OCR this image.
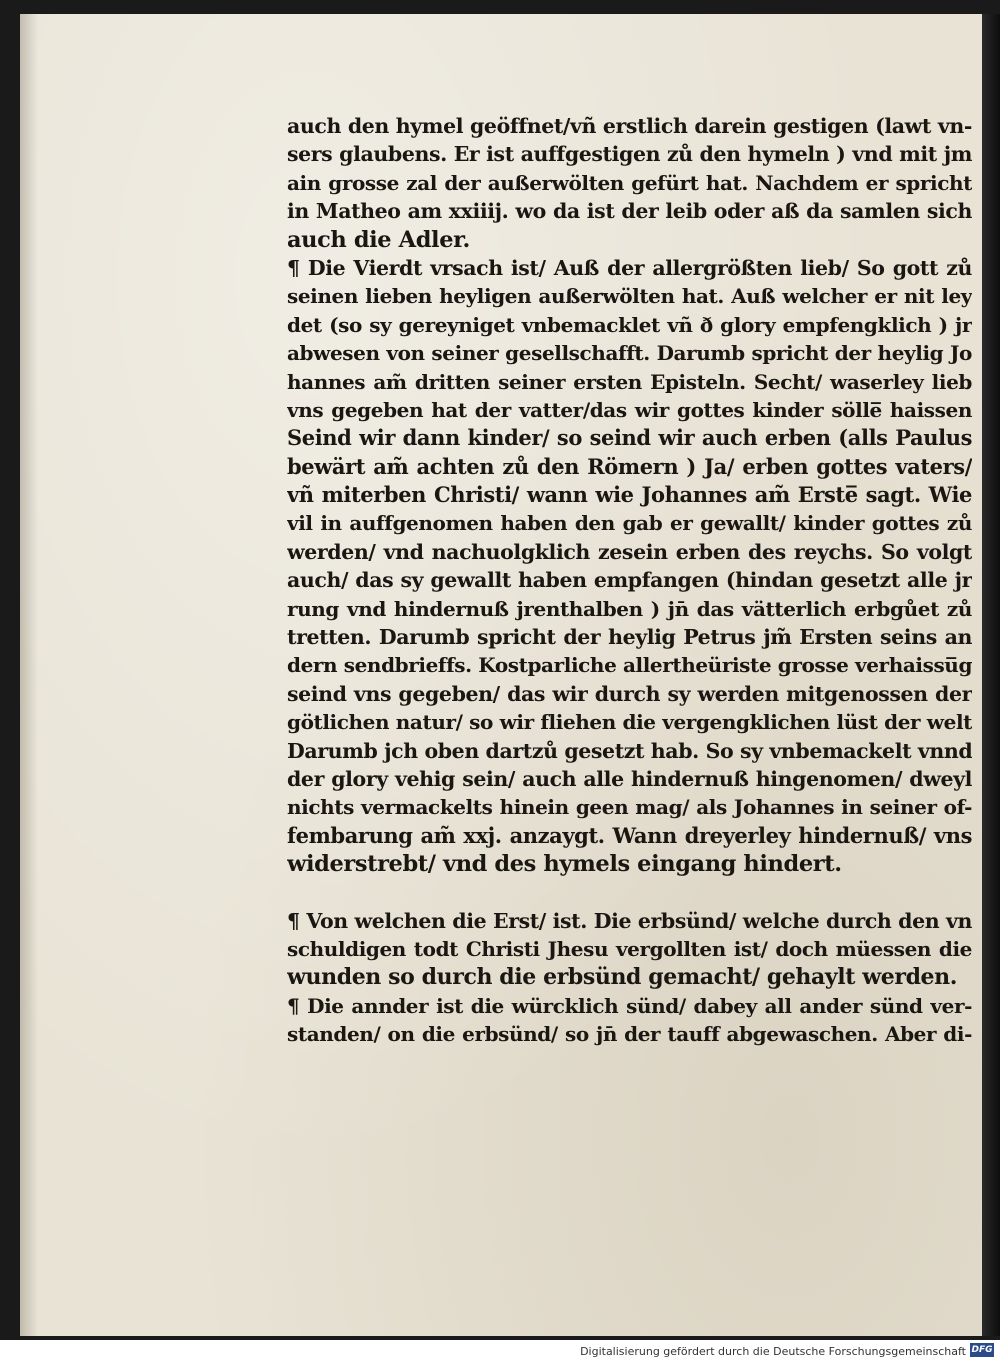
auch den hymel geöffnet/vñ erstlich darein gestigen (lawt vn-
sers glaubens. Er ist auffgestigen zů den hymeln ) vnd mit jm
ain grosse zal der außerwölten gefürt hat. Nachdem er spricht
in Matheo am xxiiij. wo da ist der leib oder aß da samlen sich
auch die Adler.
¶ Die Vierdt vrsach ist/ Auß der allergrößten lieb/ So gott zů
seinen lieben heyligen außerwölten hat. Auß welcher er nit ley
det (so sy gereyniget vnbemacklet vñ ð glory empfengklich ) jr
abwesen von seiner gesellschafft. Darumb spricht der heylig Jo
hannes am̃ dritten seiner ersten Episteln. Secht/ waserley lieb
vns gegeben hat der vatter/das wir gottes kinder sölle̅ haissen
Seind wir dann kinder/ so seind wir auch erben (alls Paulus
bewärt am̃ achten zů den Römern ) Ja/ erben gottes vaters/
vñ miterben Christi/ wann wie Johannes am̃ Erste̅ sagt. Wie
vil in auffgenomen haben den gab er gewallt/ kinder gottes zů
werden/ vnd nachuolgklich zesein erben des reychs. So volgt
auch/ das sy gewallt haben empfangen (hindan gesetzt alle jr
rung vnd hindernuß jrenthalben ) jn̄ das vätterlich erbgůet zů
tretten. Darumb spricht der heylig Petrus jm̃ Ersten seins an
dern sendbrieffs. Kostparliche allertheüriste grosse verhaissu̅g
seind vns gegeben/ das wir durch sy werden mitgenossen der
götlichen natur/ so wir fliehen die vergengklichen lüst der welt
Darumb jch oben dartzů gesetzt hab. So sy vnbemackelt vnnd
der glory vehig sein/ auch alle hindernuß hingenomen/ dweyl
nichts vermackelts hinein geen mag/ als Johannes in seiner of-
fembarung am̃ xxj. anzaygt. Wann dreyerley hindernuß/ vns
widerstrebt/ vnd des hymels eingang hindert.
¶ Von welchen die Erst/ ist. Die erbsünd/ welche durch den vn
schuldigen todt Christi Jhesu vergollten ist/ doch müessen die
wunden so durch die erbsünd gemacht/ gehaylt werden.
¶ Die annder ist die würcklich sünd/ dabey all ander sünd ver-
standen/ on die erbsünd/ so jn̄ der tauff abgewaschen. Aber di-
Digitalisierung gefördert durch die Deutsche Forschungsgemeinschaft DFG
